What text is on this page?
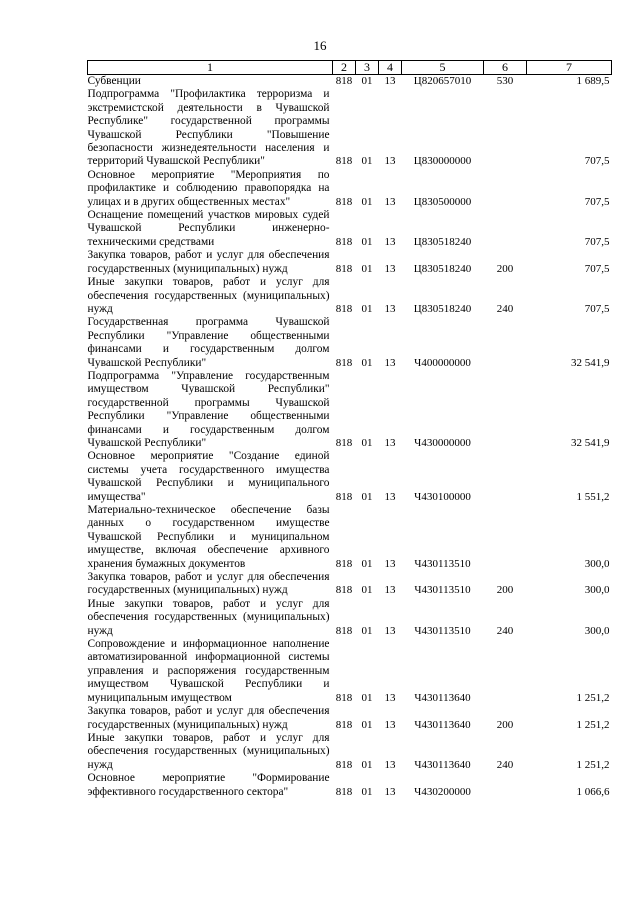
16
1	2	3	4	5	6	7
Субвенции	818	01	13	Ц820657010	530	1 689,5
Подпрограмма "Профилактика терроризма и экстремистской деятельности в Чувашской Республике" государственной программы Чувашской Республики "Повышение безопасности жизнедеятельности населения и территорий Чувашской Республики"	818	01	13	Ц830000000		707,5
Основное мероприятие "Мероприятия по профилактике и соблюдению правопорядка на улицах и в других общественных местах"	818	01	13	Ц830500000		707,5
Оснащение помещений участков мировых судей Чувашской Республики инженерно-техническими средствами	818	01	13	Ц830518240		707,5
Закупка товаров, работ и услуг для обеспечения государственных (муниципальных) нужд	818	01	13	Ц830518240	200	707,5
Иные закупки товаров, работ и услуг для обеспечения государственных (муниципальных) нужд	818	01	13	Ц830518240	240	707,5
Государственная программа Чувашской Республики "Управление общественными финансами и государственным долгом Чувашской Республики"	818	01	13	Ч400000000		32 541,9
Подпрограмма "Управление государственным имуществом Чувашской Республики" государственной программы Чувашской Республики "Управление общественными финансами и государственным долгом Чувашской Республики"	818	01	13	Ч430000000		32 541,9
Основное мероприятие "Создание единой системы учета государственного имущества Чувашской Республики и муниципального имущества"	818	01	13	Ч430100000		1 551,2
Материально-техническое обеспечение базы данных о государственном имуществе Чувашской Республики и муниципальном имуществе, включая обеспечение архивного хранения бумажных документов	818	01	13	Ч430113510		300,0
Закупка товаров, работ и услуг для обеспечения государственных (муниципальных) нужд	818	01	13	Ч430113510	200	300,0
Иные закупки товаров, работ и услуг для обеспечения государственных (муниципальных) нужд	818	01	13	Ч430113510	240	300,0
Сопровождение и информационное наполнение автоматизированной информационной системы управления и распоряжения государственным имуществом Чувашской Республики и муниципальным имуществом	818	01	13	Ч430113640		1 251,2
Закупка товаров, работ и услуг для обеспечения государственных (муниципальных) нужд	818	01	13	Ч430113640	200	1 251,2
Иные закупки товаров, работ и услуг для обеспечения государственных (муниципальных) нужд	818	01	13	Ч430113640	240	1 251,2
Основное мероприятие "Формирование эффективного государственного сектора"	818	01	13	Ч430200000		1 066,6
